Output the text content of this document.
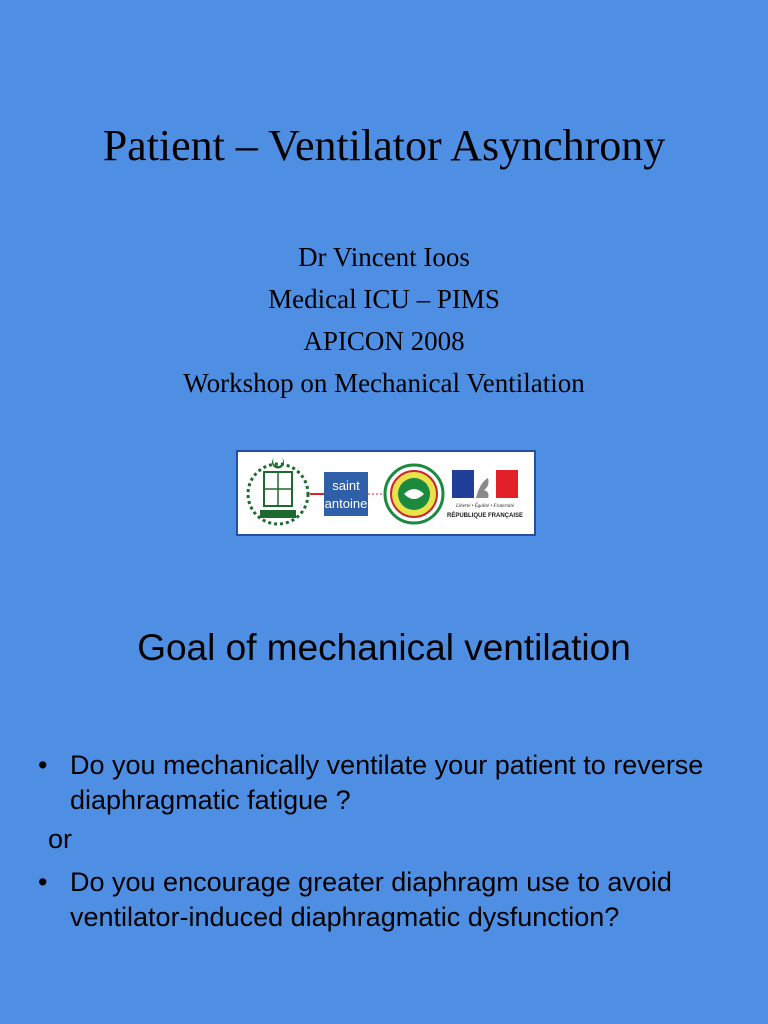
Patient – Ventilator Asynchrony
Dr Vincent Ioos
Medical ICU – PIMS
APICON 2008
Workshop on Mechanical Ventilation
saint
antoine	Liberté • Égalité • Fraternité
RÉPUBLIQUE FRANÇAISE
Goal of mechanical ventilation
• Do you mechanically ventilate your patient to reverse diaphragmatic fatigue ?
or
• Do you encourage greater diaphragm use to avoid ventilator-induced diaphragmatic dysfunction?
